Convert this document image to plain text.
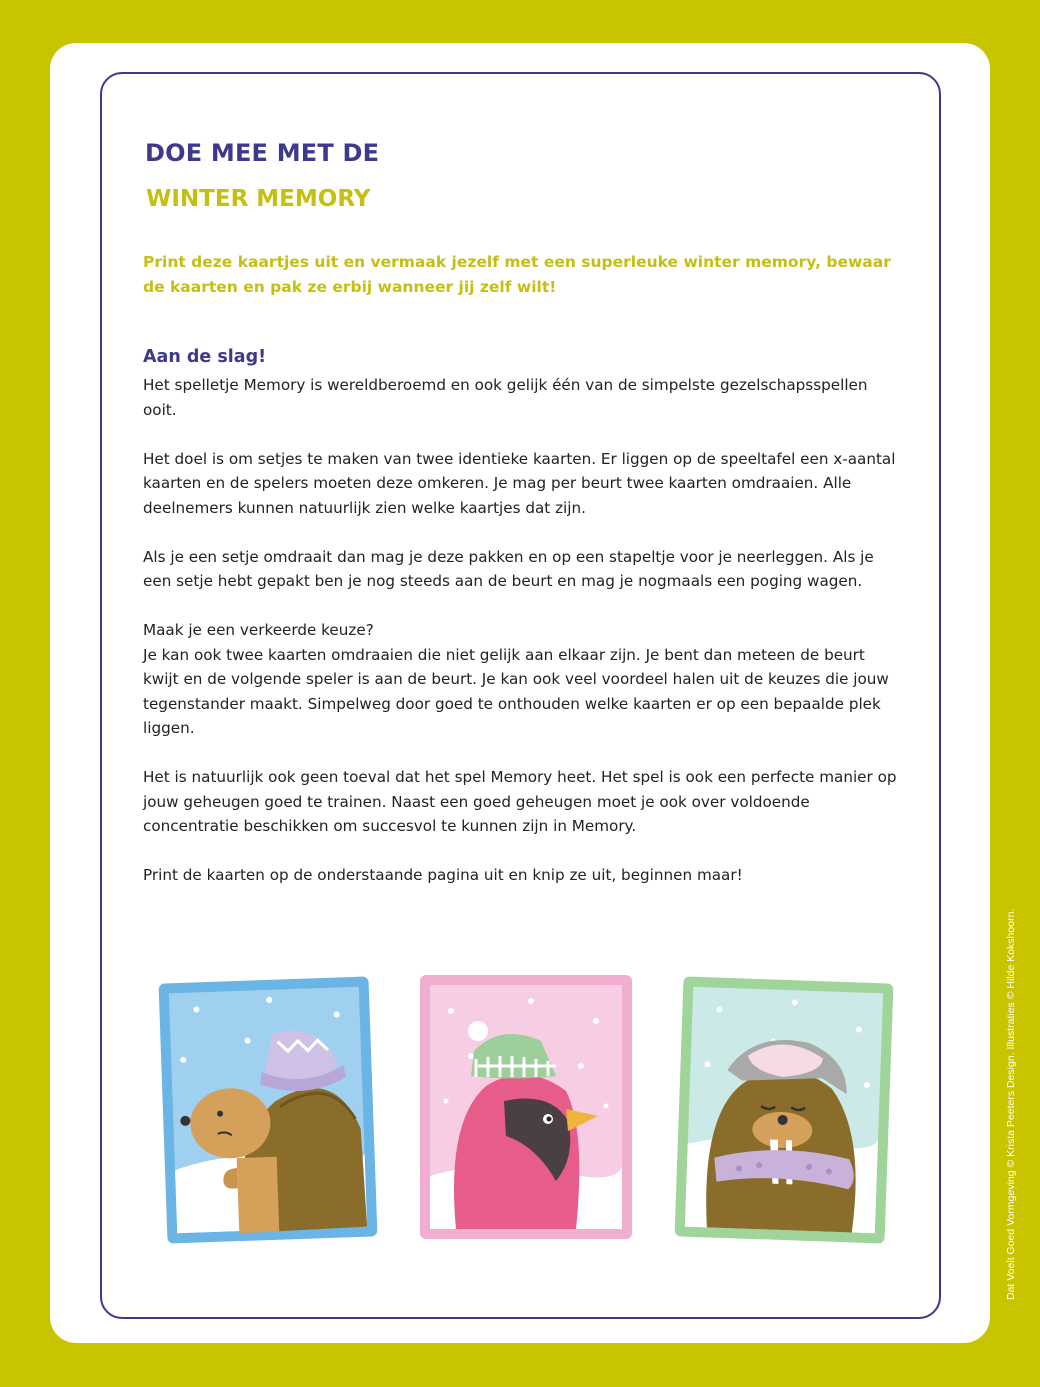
DOE MEE MET DE
WINTER MEMORY

Print deze kaartjes uit en vermaak jezelf met een superleuke winter memory, bewaar de kaarten en pak ze erbij wanneer jij zelf wilt!

Aan de slag!

Het spelletje Memory is wereldberoemd en ook gelijk één van de simpelste gezelschapsspellen ooit.

Het doel is om setjes te maken van twee identieke kaarten. Er liggen op de speeltafel een x-aantal kaarten en de spelers moeten deze omkeren. Je mag per beurt twee kaarten omdraaien. Alle deelnemers kunnen natuurlijk zien welke kaartjes dat zijn.

Als je een setje omdraait dan mag je deze pakken en op een stapeltje voor je neerleggen. Als je een setje hebt gepakt ben je nog steeds aan de beurt en mag je nogmaals een poging wagen.

Maak je een verkeerde keuze?
Je kan ook twee kaarten omdraaien die niet gelijk aan elkaar zijn. Je bent dan meteen de beurt kwijt en de volgende speler is aan de beurt. Je kan ook veel voordeel halen uit de keuzes die jouw tegenstander maakt. Simpelweg door goed te onthouden welke kaarten er op een bepaalde plek liggen.

Het is natuurlijk ook geen toeval dat het spel Memory heet. Het spel is ook een perfecte manier op jouw geheugen goed te trainen. Naast een goed geheugen moet je ook over voldoende concentratie beschikken om succesvol te kunnen zijn in Memory.

Print de kaarten op de onderstaande pagina uit en knip ze uit, beginnen maar!

Dat Voelt Goed Vormgeving © Krista Peeters Design. Illustraties © Hilde Kokshoorn.
